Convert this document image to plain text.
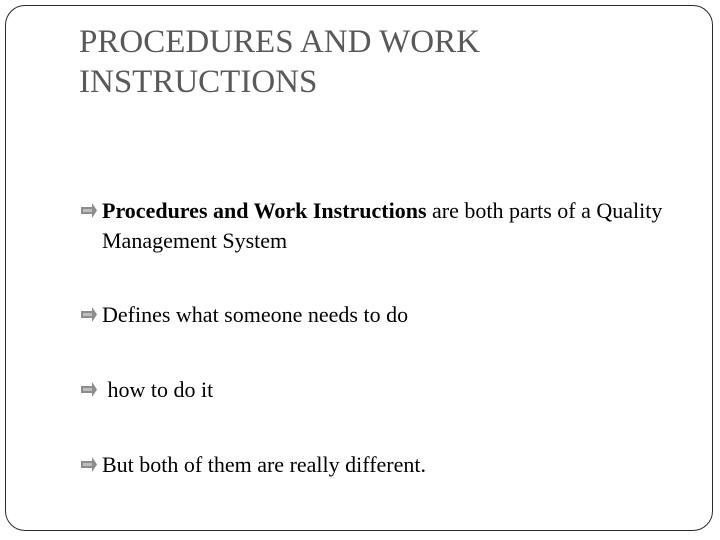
PROCEDURES AND WORK INSTRUCTIONS
Procedures and Work Instructions are both parts of a Quality Management System
Defines what someone needs to do
how to do it
But both of them are really different.
